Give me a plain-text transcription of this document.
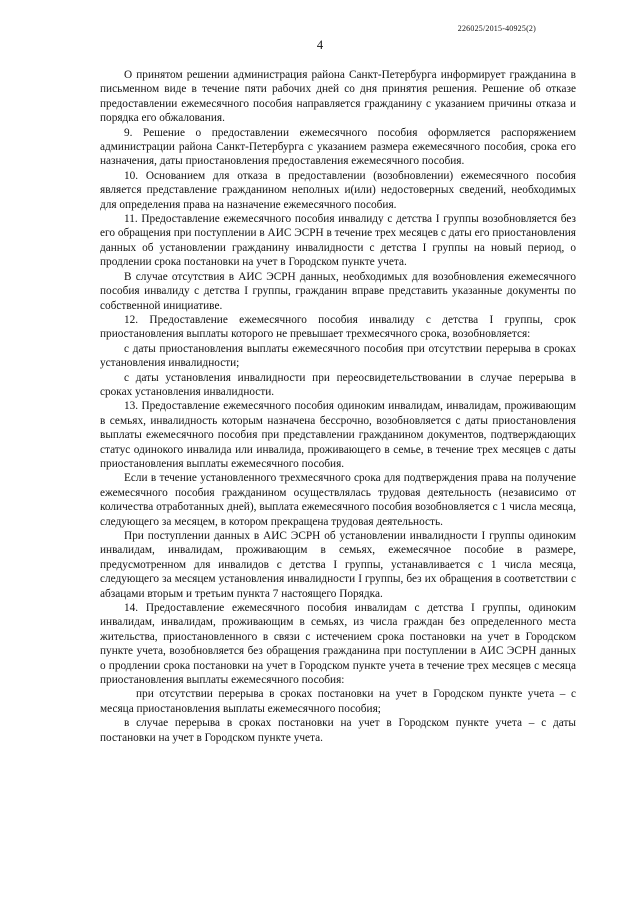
226025/2015-40925(2)
4

О принятом решении администрация района Санкт-Петербурга информирует гражданина в письменном виде в течение пяти рабочих дней со дня принятия решения. Решение об отказе предоставлении ежемесячного пособия направляется гражданину с указанием причины отказа и порядка его обжалования.

9. Решение о предоставлении ежемесячного пособия оформляется распоряжением администрации района Санкт-Петербурга с указанием размера ежемесячного пособия, срока его назначения, даты приостановления предоставления ежемесячного пособия.

10. Основанием для отказа в предоставлении (возобновлении) ежемесячного пособия является представление гражданином неполных и(или) недостоверных сведений, необходимых для определения права на назначение ежемесячного пособия.

11. Предоставление ежемесячного пособия инвалиду с детства I группы возобновляется без его обращения при поступлении в АИС ЭСРН в течение трех месяцев с даты его приостановления данных об установлении гражданину инвалидности с детства I группы на новый период, о продлении срока постановки на учет в Городском пункте учета.

В случае отсутствия в АИС ЭСРН данных, необходимых для возобновления ежемесячного пособия инвалиду с детства I группы, гражданин вправе представить указанные документы по собственной инициативе.

12. Предоставление ежемесячного пособия инвалиду с детства I группы, срок приостановления выплаты которого не превышает трехмесячного срока, возобновляется:

с даты приостановления выплаты ежемесячного пособия при отсутствии перерыва в сроках установления инвалидности;

с даты установления инвалидности при переосвидетельствовании в случае перерыва в сроках установления инвалидности.

13. Предоставление ежемесячного пособия одиноким инвалидам, инвалидам, проживающим в семьях, инвалидность которым назначена бессрочно, возобновляется с даты приостановления выплаты ежемесячного пособия при представлении гражданином документов, подтверждающих статус одинокого инвалида или инвалида, проживающего в семье, в течение трех месяцев с даты приостановления выплаты ежемесячного пособия.

Если в течение установленного трехмесячного срока для подтверждения права на получение ежемесячного пособия гражданином осуществлялась трудовая деятельность (независимо от количества отработанных дней), выплата ежемесячного пособия возобновляется с 1 числа месяца, следующего за месяцем, в котором прекращена трудовая деятельность.

При поступлении данных в АИС ЭСРН об установлении инвалидности I группы одиноким инвалидам, инвалидам, проживающим в семьях, ежемесячное пособие в размере, предусмотренном для инвалидов с детства I группы, устанавливается с 1 числа месяца, следующего за месяцем установления инвалидности I группы, без их обращения в соответствии с абзацами вторым и третьим пункта 7 настоящего Порядка.

14. Предоставление ежемесячного пособия инвалидам с детства I группы, одиноким инвалидам, инвалидам, проживающим в семьях, из числа граждан без определенного места жительства, приостановленного в связи с истечением срока постановки на учет в Городском пункте учета, возобновляется без обращения гражданина при поступлении в АИС ЭСРН данных о продлении срока постановки на учет в Городском пункте учета в течение трех месяцев с месяца приостановления выплаты ежемесячного пособия:

при отсутствии перерыва в сроках постановки на учет в Городском пункте учета – с месяца приостановления выплаты ежемесячного пособия;

в случае перерыва в сроках постановки на учет в Городском пункте учета – с даты постановки на учет в Городском пункте учета.
